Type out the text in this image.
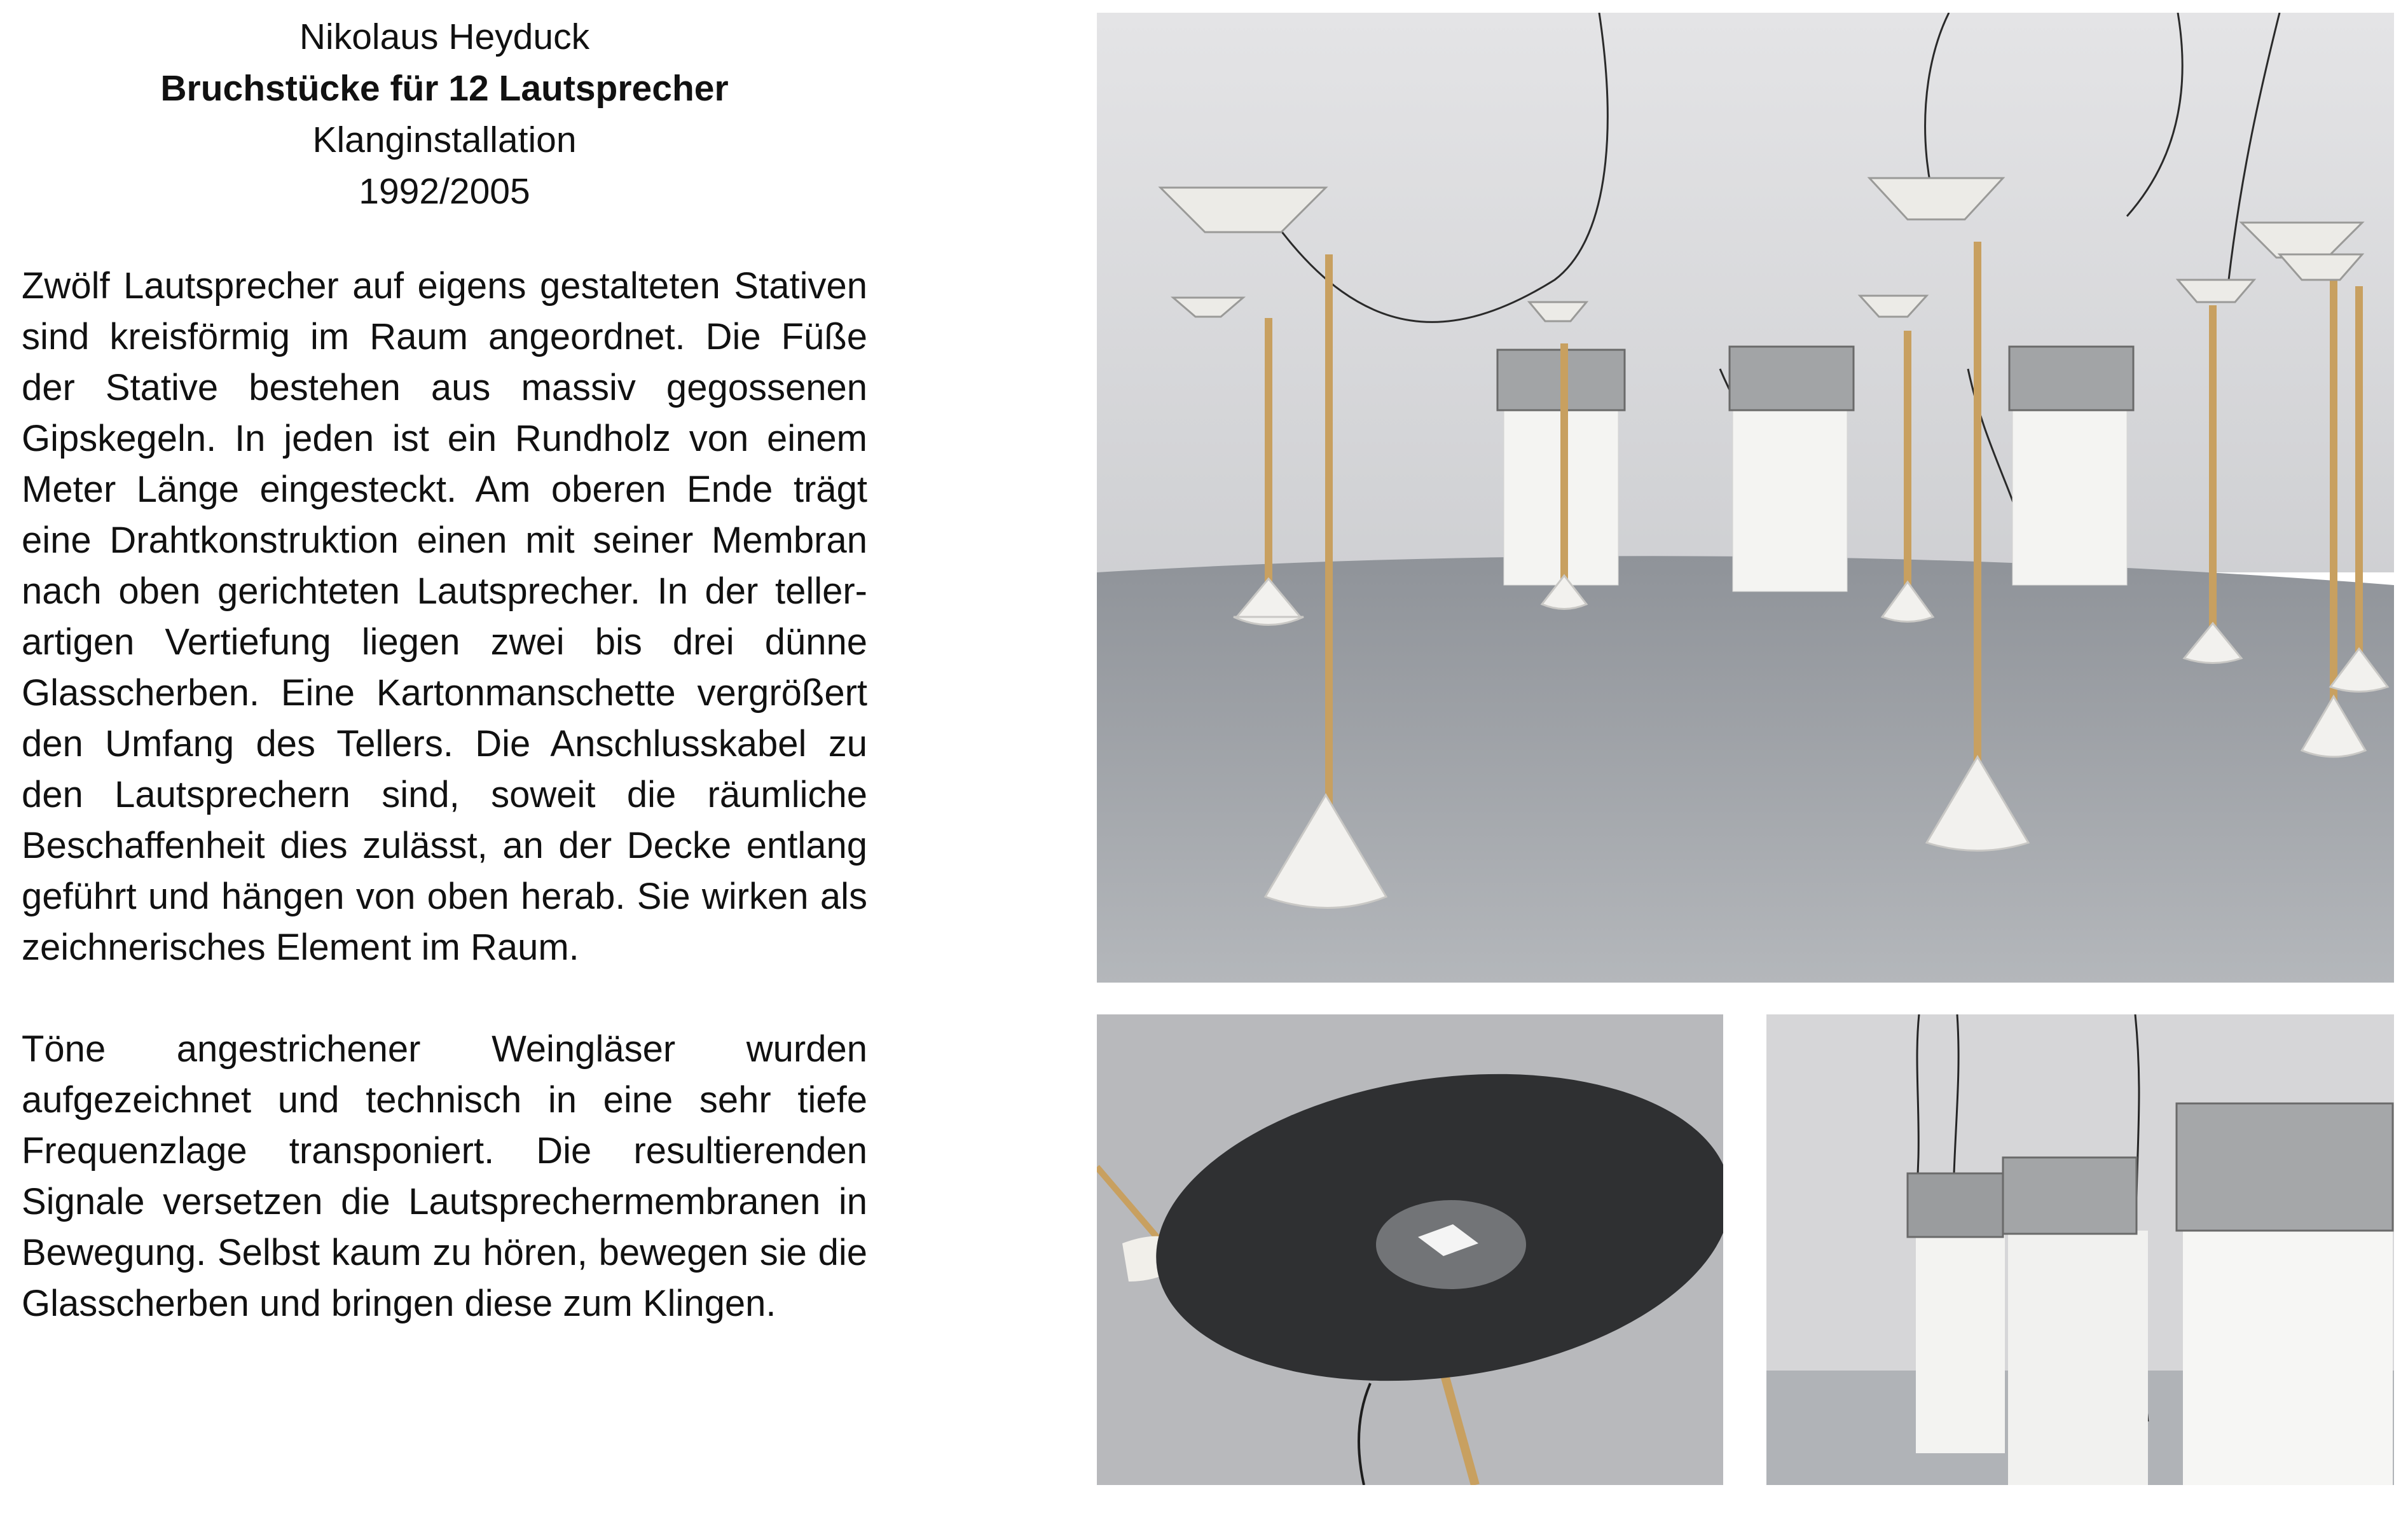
Nikolaus Heyduck
Bruchstücke für 12 Lautsprecher
Klanginstallation
1992/2005

Zwölf Lautsprecher auf eigens gestalteten Stativen sind kreisförmig im Raum angeordnet. Die Füße der Stative bestehen aus massiv gegossenen Gipskegeln. In jeden ist ein Rundholz von einem Meter Länge eingesteckt. Am oberen Ende trägt eine Drahtkonstruktion einen mit seiner Membran nach oben gerichteten Lautsprecher. In der tellerartigen Vertiefung liegen zwei bis drei dünne Glasscherben. Eine Kartonmanschette vergrößert den Umfang des Tellers. Die Anschlusskabel zu den Lautsprechern sind, soweit die räumliche Beschaffenheit dies zulässt, an der Decke entlang geführt und hängen von oben herab. Sie wirken als zeichnerisches Element im Raum.

Töne angestrichener Weingläser wurden aufgezeichnet und technisch in eine sehr tiefe Frequenzlage transponiert. Die resultierenden Signale versetzen die Lautsprechermembranen in Bewegung. Selbst kaum zu hören, bewegen sie die Glasscherben und bringen diese zum Klingen.
